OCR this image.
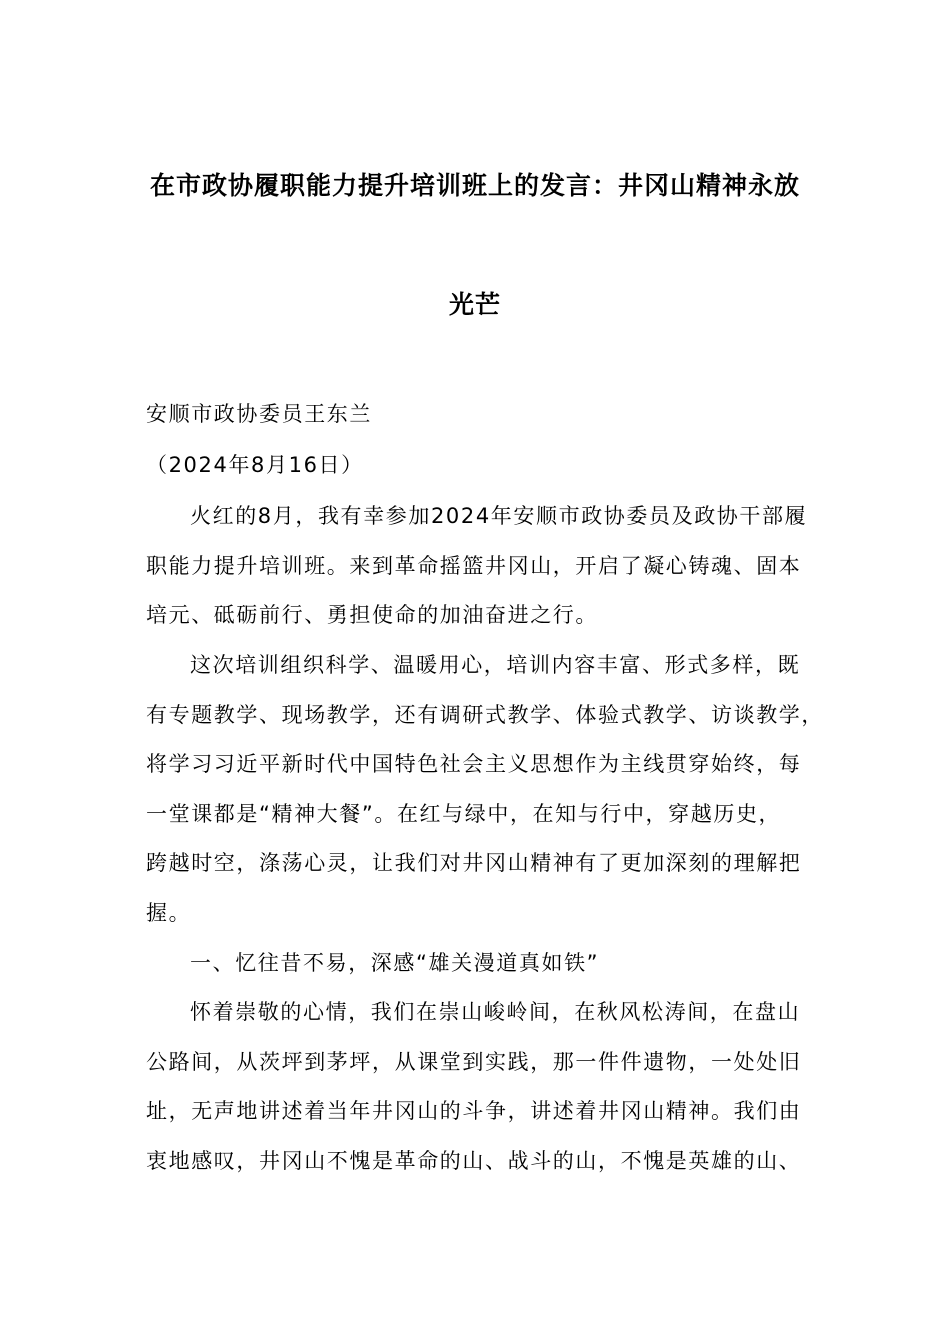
在市政协履职能力提升培训班上的发言：井冈山精神永放
光芒
安顺市政协委员王东兰
（2024年8月16日）
火红的8月，我有幸参加2024年安顺市政协委员及政协干部履
职能力提升培训班。来到革命摇篮井冈山，开启了凝心铸魂、固本
培元、砥砺前行、勇担使命的加油奋进之行。
这次培训组织科学、温暖用心，培训内容丰富、形式多样，既
有专题教学、现场教学，还有调研式教学、体验式教学、访谈教学，
将学习习近平新时代中国特色社会主义思想作为主线贯穿始终，每
一堂课都是“精神大餐”。在红与绿中，在知与行中，穿越历史，
跨越时空，涤荡心灵，让我们对井冈山精神有了更加深刻的理解把
握。
一、忆往昔不易，深感“雄关漫道真如铁”
怀着崇敬的心情，我们在崇山峻岭间，在秋风松涛间，在盘山
公路间，从茨坪到茅坪，从课堂到实践，那一件件遗物，一处处旧
址，无声地讲述着当年井冈山的斗争，讲述着井冈山精神。我们由
衷地感叹，井冈山不愧是革命的山、战斗的山，不愧是英雄的山、
